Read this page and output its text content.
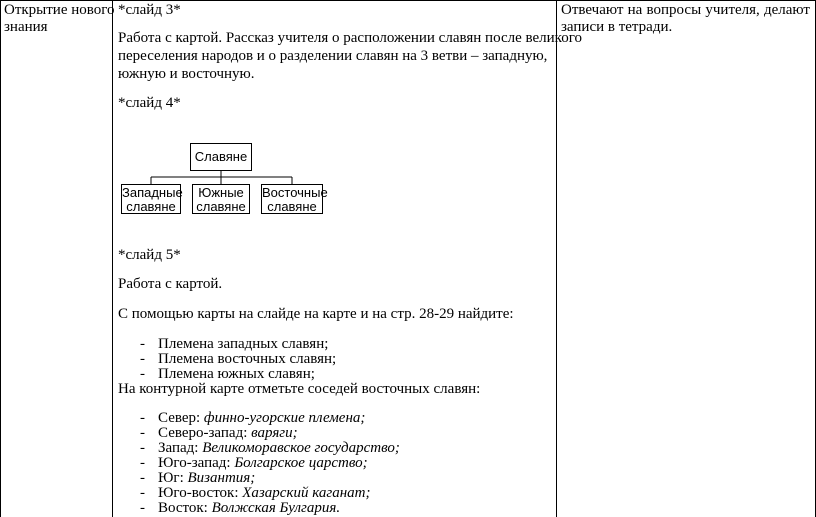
Открытие нового
знания
*слайд 3*
Работа с картой. Рассказ учителя о расположении славян после великого
переселения народов и о разделении славян на 3 ветви – западную,
южную и восточную.
*слайд 4*
Славяне
Западные
славяне
Южные
славяне
Восточные
славяне
*слайд 5*
Работа с картой.
С помощью карты на слайде на карте и на стр. 28-29 найдите:
- Племена западных славян;
- Племена восточных славян;
- Племена южных славян;
На контурной карте отметьте соседей восточных славян:
- Север: финно-угорские племена;
- Северо-запад: варяги;
- Запад: Великоморавское государство;
- Юго-запад: Болгарское царство;
- Юг: Византия;
- Юго-восток: Хазарский каганат;
- Восток: Волжская Булгария.
Отвечают на вопросы учителя, делают записи в тетради.
